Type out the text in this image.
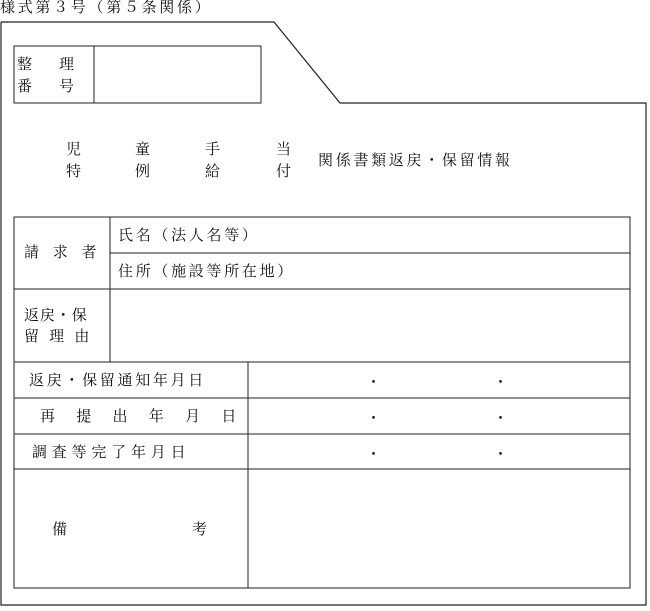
様式第３号（第５条関係）
整　理
番　号
児
特
童
例
手
給
当
付
関係書類返戻・保留情報
請 求 者
氏名（法人名等）
住所（施設等所在地）
返戻・保
留 理 由
返戻・保留通知年月日	・	・
再 提 出 年 月 日	・	・
調査等完了年月日	・	・
備	考
